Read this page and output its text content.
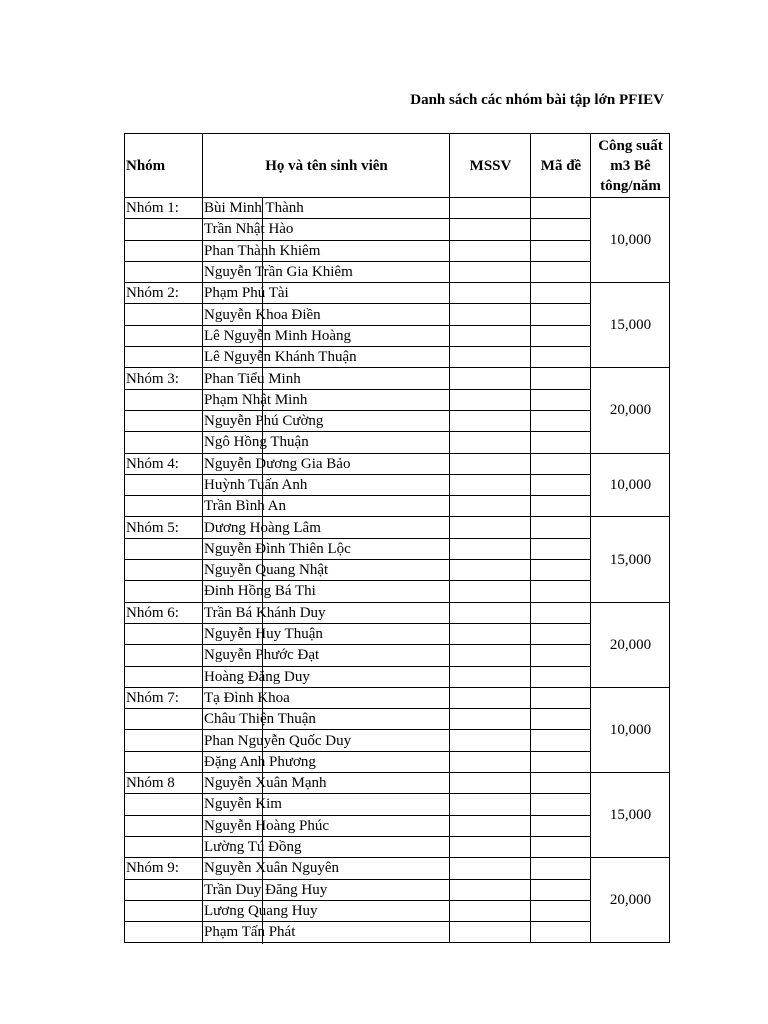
Danh sách các nhóm bài tập lớn PFIEV
Nhóm	Họ và tên sinh viên	MSSV	Mã đề	Công suất m3 Bê tông/năm
Nhóm 1:	Bùi Minh Thành			10,000
	Trần Nhật Hào			
	Phan Thành Khiêm			
	Nguyễn Trần Gia Khiêm			
Nhóm 2:	Phạm Phú Tài			15,000
	Nguyễn Khoa Điền			
	Lê Nguyễn Minh Hoàng			
	Lê Nguyễn Khánh Thuận			
Nhóm 3:	Phan Tiểu Minh			20,000
	Phạm Nhật Minh			
	Nguyễn Phú Cường			
	Ngô Hồng Thuận			
Nhóm 4:	Nguyễn Dương Gia Bảo			10,000
	Huỳnh Tuấn Anh			
	Trần Bình An			
Nhóm 5:	Dương Hoàng Lâm			15,000
	Nguyễn Đình Thiên Lộc			
	Nguyễn Quang Nhật			
	Đinh Hồng Bá Thi			
Nhóm 6:	Trần Bá Khánh Duy			20,000
	Nguyễn Huy Thuận			
	Nguyễn Phước Đạt			
	Hoàng Đăng Duy			
Nhóm 7:	Tạ Đình Khoa			10,000
	Châu Thiện Thuận			
	Phan Nguyễn Quốc Duy			
	Đặng Anh Phương			
Nhóm 8	Nguyễn Xuân Mạnh			15,000
	Nguyễn Kim			
	Nguyễn Hoàng Phúc			
	Lường Tú Đồng			
Nhóm 9:	Nguyễn Xuân Nguyên			20,000
	Trần Duy Đăng Huy			
	Lương Quang Huy			
	Phạm Tấn Phát			
